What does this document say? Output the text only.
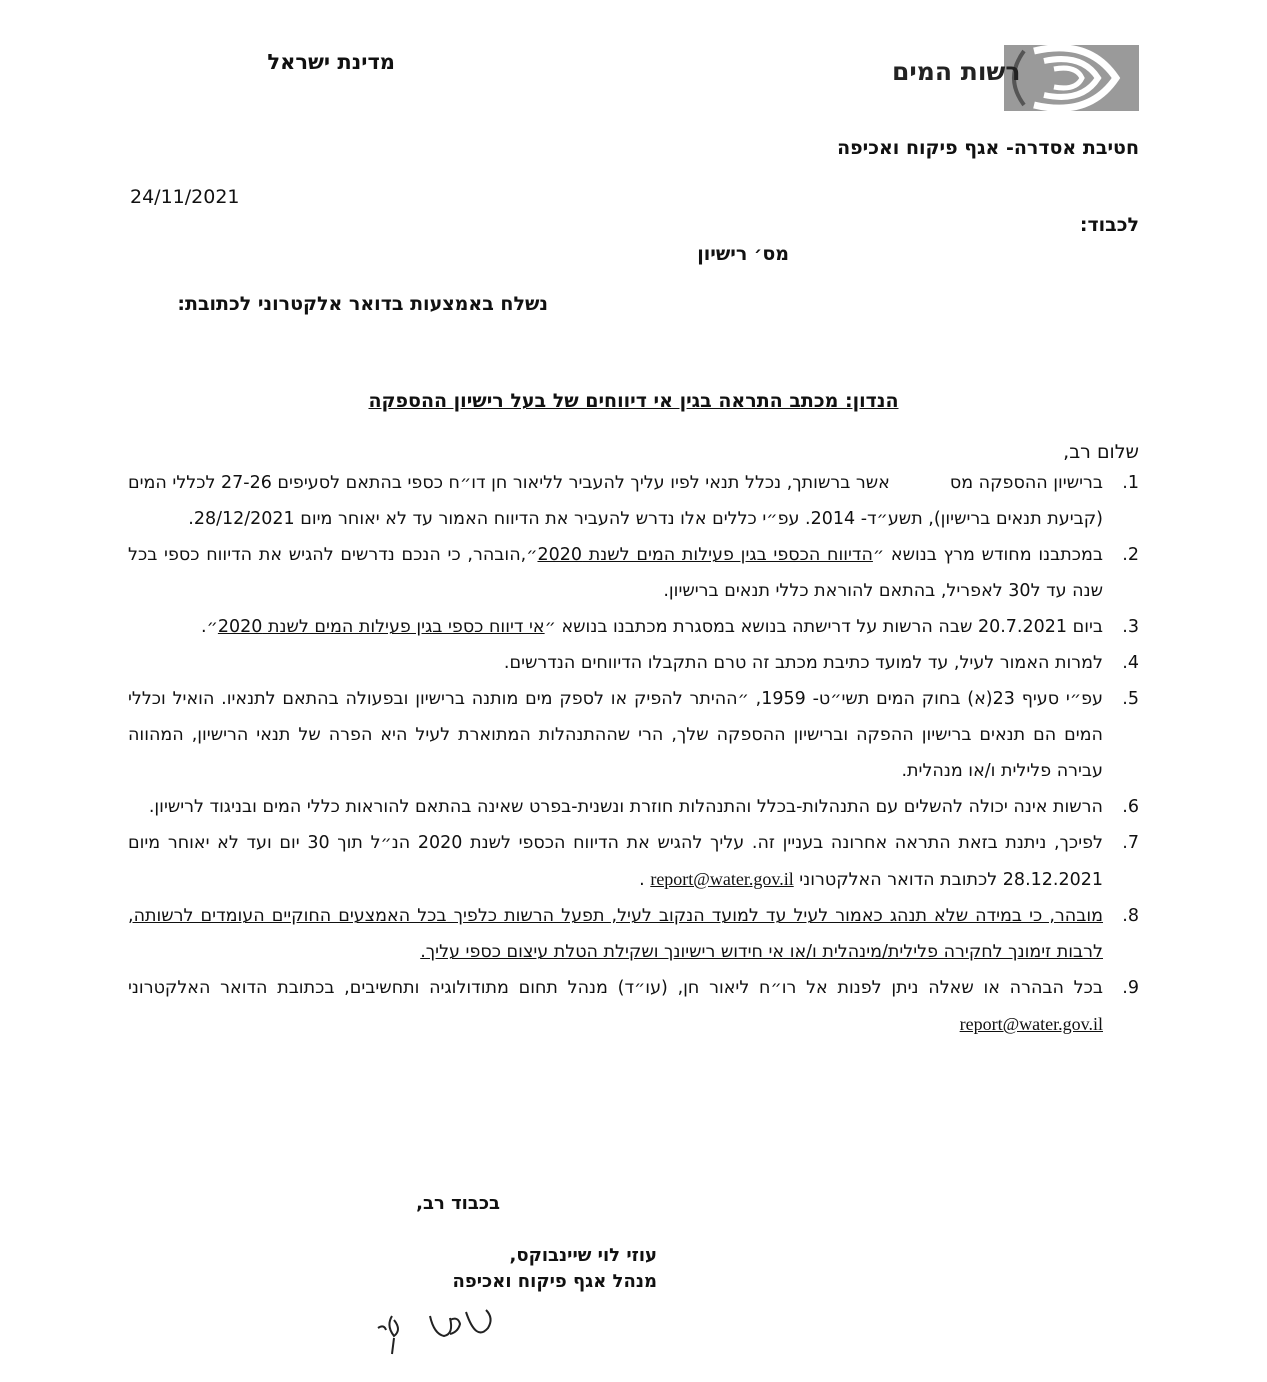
מדינת ישראל	רשות המים
חטיבת אסדרה- אגף פיקוח ואכיפה
24/11/2021
לכבוד:
מס׳ רישיון
נשלח באמצעות בדואר אלקטרוני לכתובת:
הנדון: מכתב התראה בגין אי דיווחים של בעל רישיון ההספקה
שלום רב,
1.
ברישיון ההספקה מסאשר ברשותך, נכלל תנאי לפיו עליך להעביר לליאור חן דו״ח כספי בהתאם לסעיפים 27-26 לכללי המים (קביעת תנאים ברישיון), תשע״ד- 2014. עפ״י כללים אלו נדרש להעביר את הדיווח האמור עד לא יאוחר מיום 28/12/2021.
2.
במכתבנו מחודש מרץ בנושא ״הדיווח הכספי בגין פעילות המים לשנת 2020״,הובהר, כי הנכם נדרשים להגיש את הדיווח כספי בכל שנה עד ל30 לאפריל, בהתאם להוראת כללי תנאים ברישיון.
3.
ביום 20.7.2021 שבה הרשות על דרישתה בנושא במסגרת מכתבנו בנושא ״אי דיווח כספי בגין פעילות המים לשנת 2020״.
4.
למרות האמור לעיל, עד למועד כתיבת מכתב זה טרם התקבלו הדיווחים הנדרשים.
5.
עפ״י סעיף 23(א) בחוק המים תשי״ט- 1959, ״ההיתר להפיק או לספק מים מותנה ברישיון ובפעולה בהתאם לתנאיו. הואיל וכללי המים הם תנאים ברישיון ההפקה וברישיון ההספקה שלך, הרי שההתנהלות המתוארת לעיל היא הפרה של תנאי הרישיון, המהווה עבירה פלילית ו/או מנהלית.
6.
הרשות אינה יכולה להשלים עם התנהלות-בכלל והתנהלות חוזרת ונשנית-בפרט שאינה בהתאם להוראות כללי המים ובניגוד לרישיון.
7.
לפיכך, ניתנת בזאת התראה אחרונה בעניין זה. עליך להגיש את הדיווח הכספי לשנת 2020 הנ״ל תוך 30 יום ועד לא יאוחר מיום 28.12.2021 לכתובת הדואר האלקטרוני report@water.gov.il .
8.
מובהר, כי במידה שלא תנהג כאמור לעיל עד למועד הנקוב לעיל, תפעל הרשות כלפיך בכל האמצעים החוקיים העומדים לרשותה, לרבות זימונך לחקירה פלילית/מינהלית ו/או אי חידוש רישיונך ושקילת הטלת עיצום כספי עליך.
9.
בכל הבהרה או שאלה ניתן לפנות אל רו״ח ליאור חן, (עו״ד) מנהל תחום מתודולוגיה ותחשיבים, בכתובת הדואר האלקטרוני report@water.gov.il
בכבוד רב,
עוזי לוי שיינבוקס,
מנהל אגף פיקוח ואכיפה
